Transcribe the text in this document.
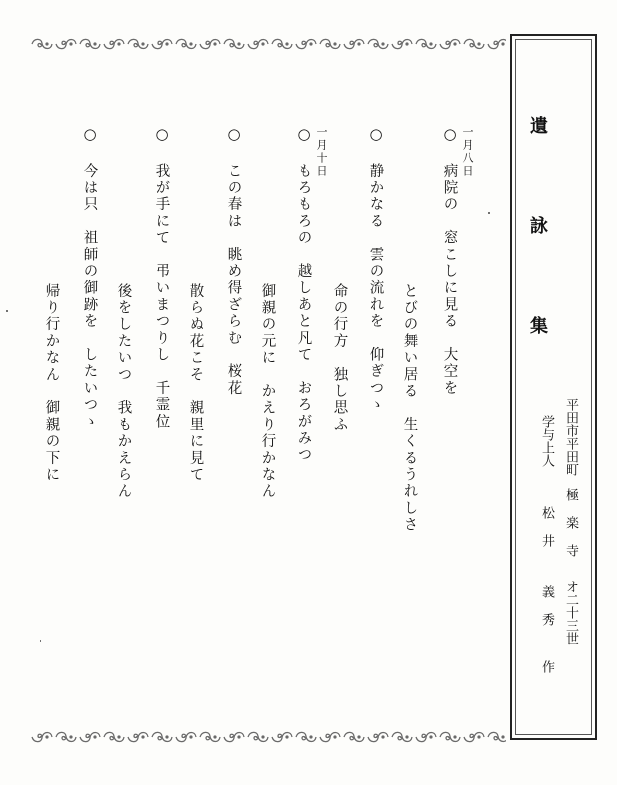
遺
詠
集
平田市平田町
極 楽 寺
オ二十三世
学与上人
松 井
義 秀
作
○ 一月八日
病院の　窓こしに見る　大空を
とびの舞い居る　生くるうれしさ
○
静かなる　雲の流れを　仰ぎつゝ
命の行方　独し思ふ
○ 一月十日
もろもろの　越しあと凡て　おろがみつ
御親の元に　かえり行かなん
○
この春は　眺め得ざらむ　桜花
散らぬ花こそ　親里に見て
○
我が手にて　弔いまつりし　千霊位
後をしたいつ　我もかえらん
○
今は只　祖師の御跡を　したいつゝ
帰り行かなん　御親の下に
